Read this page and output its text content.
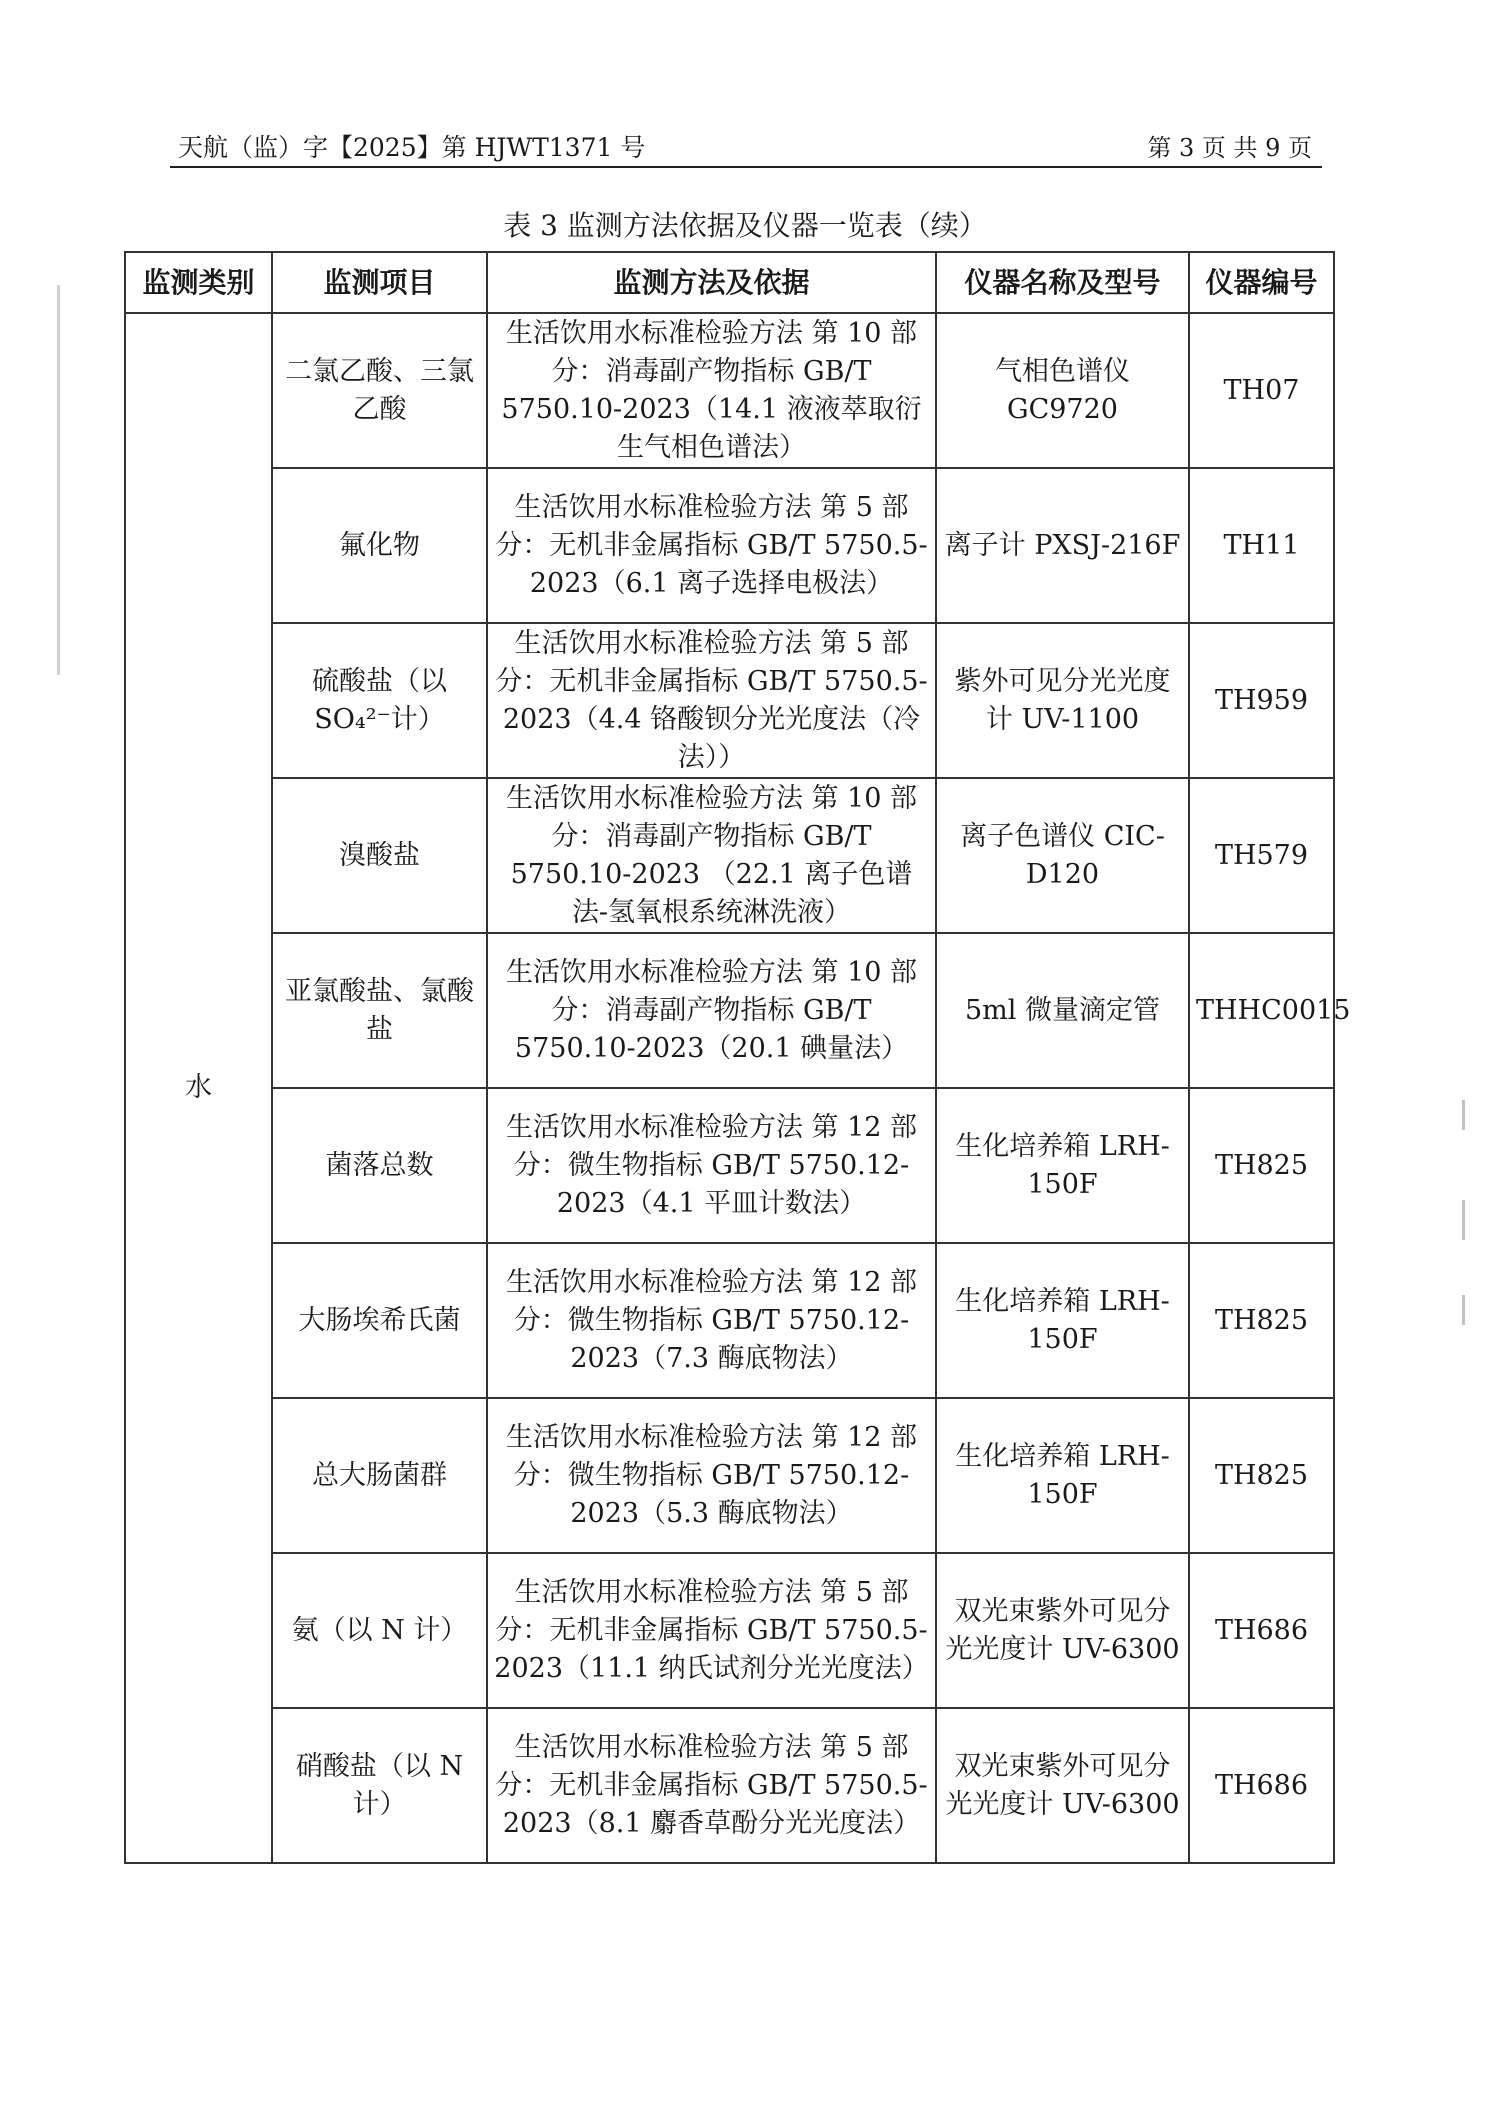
天航（监）字【2025】第 HJWT1371 号	第 3 页 共 9 页
表 3 监测方法依据及仪器一览表（续）
监测类别	监测项目	监测方法及依据	仪器名称及型号	仪器编号
水	二氯乙酸、三氯乙酸	生活饮用水标准检验方法 第 10 部分：消毒副产物指标 GB/T 5750.10-2023（14.1 液液萃取衍生气相色谱法）	气相色谱仪 GC9720	TH07
	氟化物	生活饮用水标准检验方法 第 5 部分：无机非金属指标 GB/T 5750.5-2023（6.1 离子选择电极法）	离子计 PXSJ-216F	TH11
	硫酸盐（以SO₄²⁻计）	生活饮用水标准检验方法 第 5 部分：无机非金属指标 GB/T 5750.5-2023（4.4 铬酸钡分光光度法（冷法））	紫外可见分光光度计 UV-1100	TH959
	溴酸盐	生活饮用水标准检验方法 第 10 部分：消毒副产物指标 GB/T 5750.10-2023 （22.1 离子色谱法-氢氧根系统淋洗液）	离子色谱仪 CIC-D120	TH579
	亚氯酸盐、氯酸盐	生活饮用水标准检验方法 第 10 部分：消毒副产物指标 GB/T 5750.10-2023（20.1 碘量法）	5ml 微量滴定管	THHC0015
	菌落总数	生活饮用水标准检验方法 第 12 部分：微生物指标 GB/T 5750.12-2023（4.1 平皿计数法）	生化培养箱 LRH-150F	TH825
	大肠埃希氏菌	生活饮用水标准检验方法 第 12 部分：微生物指标 GB/T 5750.12-2023（7.3 酶底物法）	生化培养箱 LRH-150F	TH825
	总大肠菌群	生活饮用水标准检验方法 第 12 部分：微生物指标 GB/T 5750.12-2023（5.3 酶底物法）	生化培养箱 LRH-150F	TH825
	氨（以 N 计）	生活饮用水标准检验方法 第 5 部分：无机非金属指标 GB/T 5750.5-2023（11.1 纳氏试剂分光光度法）	双光束紫外可见分光光度计 UV-6300	TH686
	硝酸盐（以 N 计）	生活饮用水标准检验方法 第 5 部分：无机非金属指标 GB/T 5750.5-2023（8.1 麝香草酚分光光度法）	双光束紫外可见分光光度计 UV-6300	TH686
